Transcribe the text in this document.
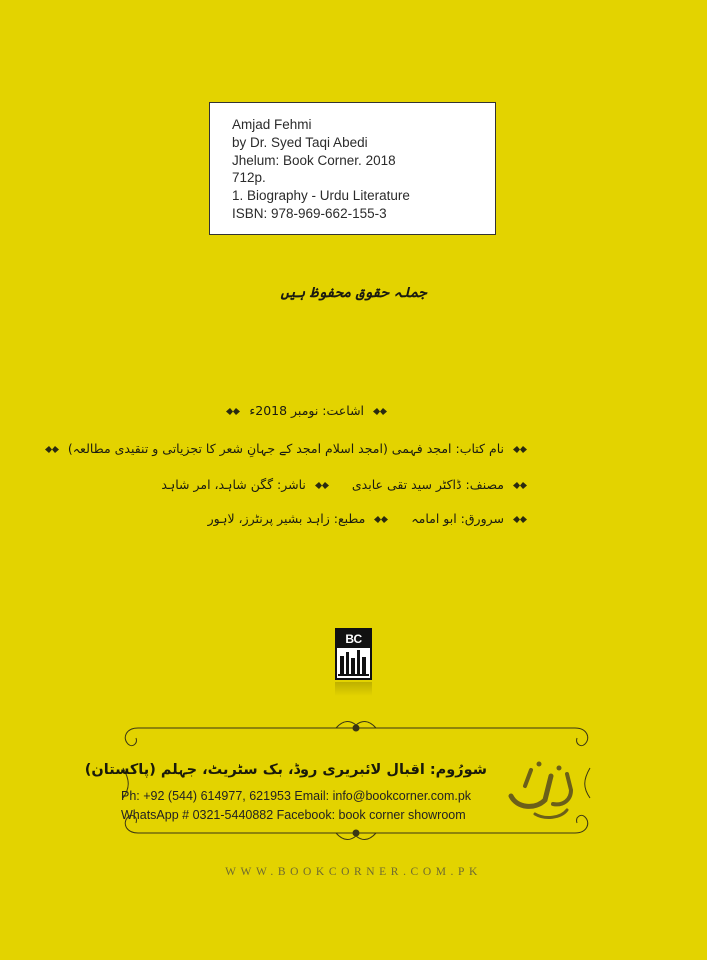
Amjad Fehmi
by Dr. Syed Taqi Abedi
Jhelum: Book Corner. 2018
712p.
1. Biography - Urdu Literature
ISBN: 978-969-662-155-3
جملہ حقوق محفوظ ہیں
اشاعت: نومبر 2018ء
نام کتاب: امجد فہمی (امجد اسلام امجد کے جہانِ شعر کا تجزیاتی و تنقیدی مطالعہ)
مصنف: ڈاکٹر سید تقی عابدی   ناشر: گگن شاہد، امر شاہد
سرورق: ابو امامہ   مطبع: زاہد بشیر پرنٹرز، لاہور
BC
شورُوم: اقبال لائبریری روڈ، بک سٹریٹ، جہلم (پاکستان)
Ph: +92 (544) 614977, 621953 Email: info@bookcorner.com.pk
WhatsApp # 0321-5440882 Facebook: book corner showroom
WWW.BOOKCORNER.COM.PK
